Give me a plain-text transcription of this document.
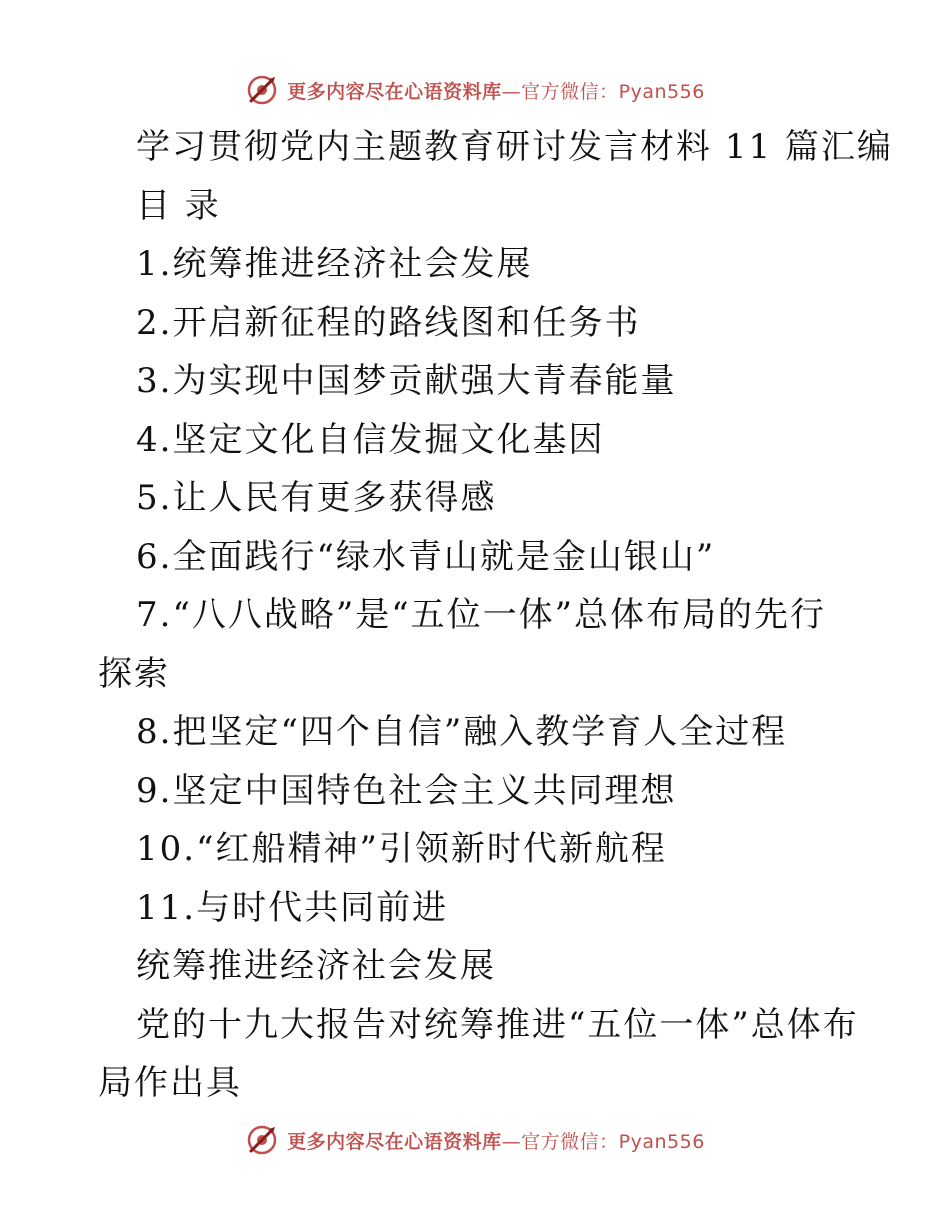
更多内容尽在心语资料库—官方微信：Pyan556
学习贯彻党内主题教育研讨发言材料 11 篇汇编
目 录
1.统筹推进经济社会发展
2.开启新征程的路线图和任务书
3.为实现中国梦贡献强大青春能量
4.坚定文化自信发掘文化基因
5.让人民有更多获得感
6.全面践行“绿水青山就是金山银山”
7.“八八战略”是“五位一体”总体布局的先行
探索
8.把坚定“四个自信”融入教学育人全过程
9.坚定中国特色社会主义共同理想
10.“红船精神”引领新时代新航程
11.与时代共同前进
统筹推进经济社会发展
党的十九大报告对统筹推进“五位一体”总体布
局作出具
更多内容尽在心语资料库—官方微信：Pyan556
